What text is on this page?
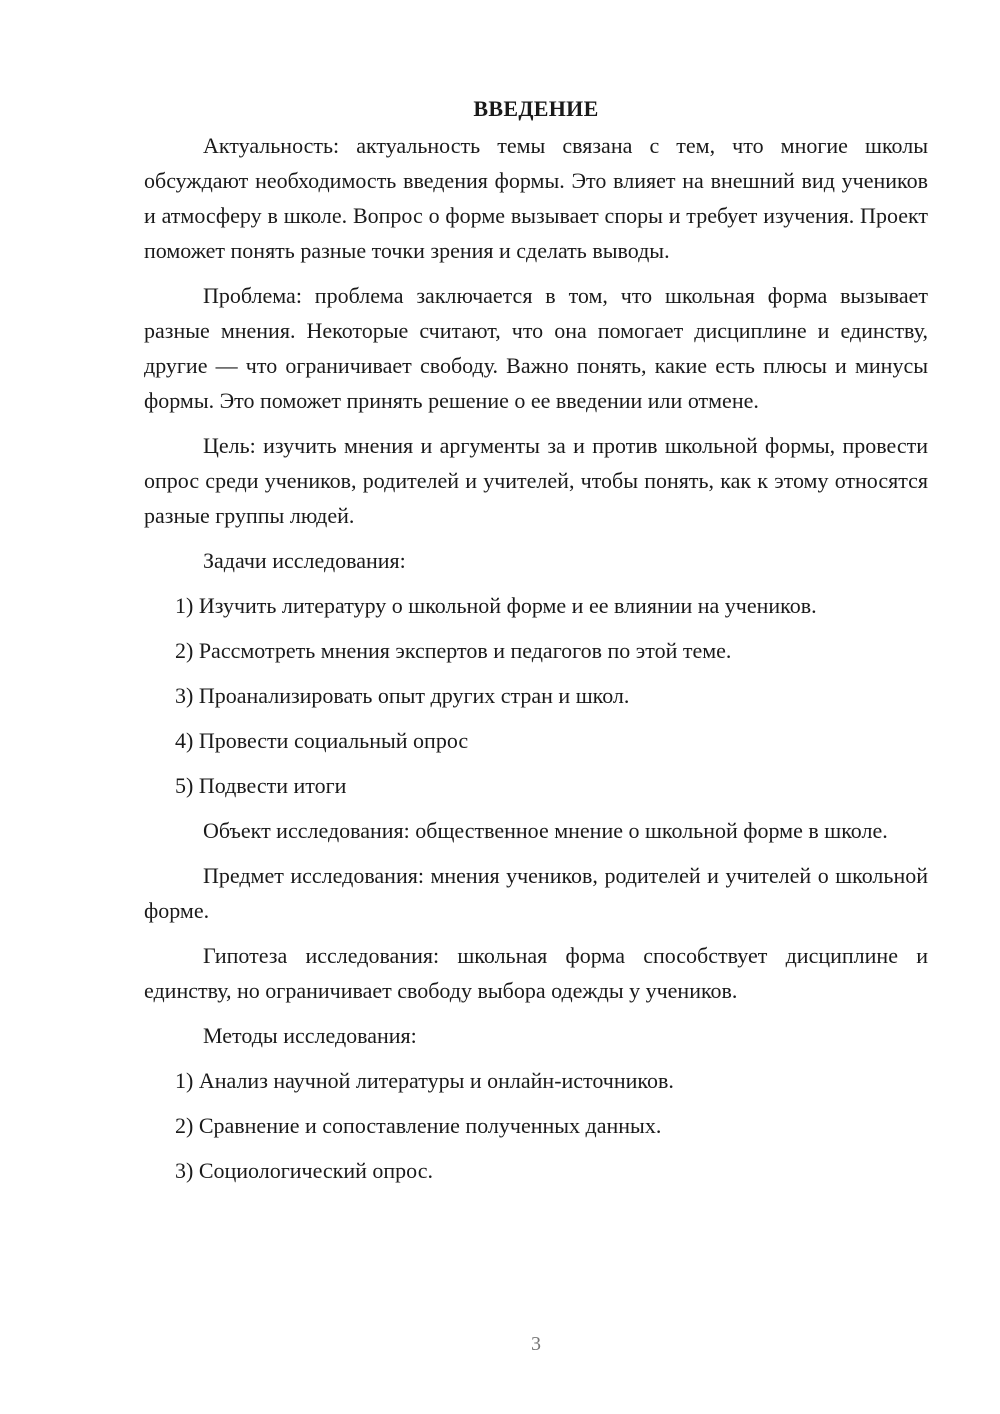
ВВЕДЕНИЕ

Актуальность: актуальность темы связана с тем, что многие школы обсуждают необходимость введения формы. Это влияет на внешний вид учеников и атмосферу в школе. Вопрос о форме вызывает споры и требует изучения. Проект поможет понять разные точки зрения и сделать выводы.

Проблема: проблема заключается в том, что школьная форма вызывает разные мнения. Некоторые считают, что она помогает дисциплине и единству, другие — что ограничивает свободу. Важно понять, какие есть плюсы и минусы формы. Это поможет принять решение о ее введении или отмене.

Цель: изучить мнения и аргументы за и против школьной формы, провести опрос среди учеников, родителей и учителей, чтобы понять, как к этому относятся разные группы людей.

Задачи исследования:

1) Изучить литературу о школьной форме и ее влиянии на учеников.
2) Рассмотреть мнения экспертов и педагогов по этой теме.
3) Проанализировать опыт других стран и школ.
4) Провести социальный опрос
5) Подвести итоги

Объект исследования: общественное мнение о школьной форме в школе.

Предмет исследования: мнения учеников, родителей и учителей о школьной форме.

Гипотеза исследования: школьная форма способствует дисциплине и единству, но ограничивает свободу выбора одежды у учеников.

Методы исследования:

1) Анализ научной литературы и онлайн-источников.
2) Сравнение и сопоставление полученных данных.
3) Социологический опрос.
3
